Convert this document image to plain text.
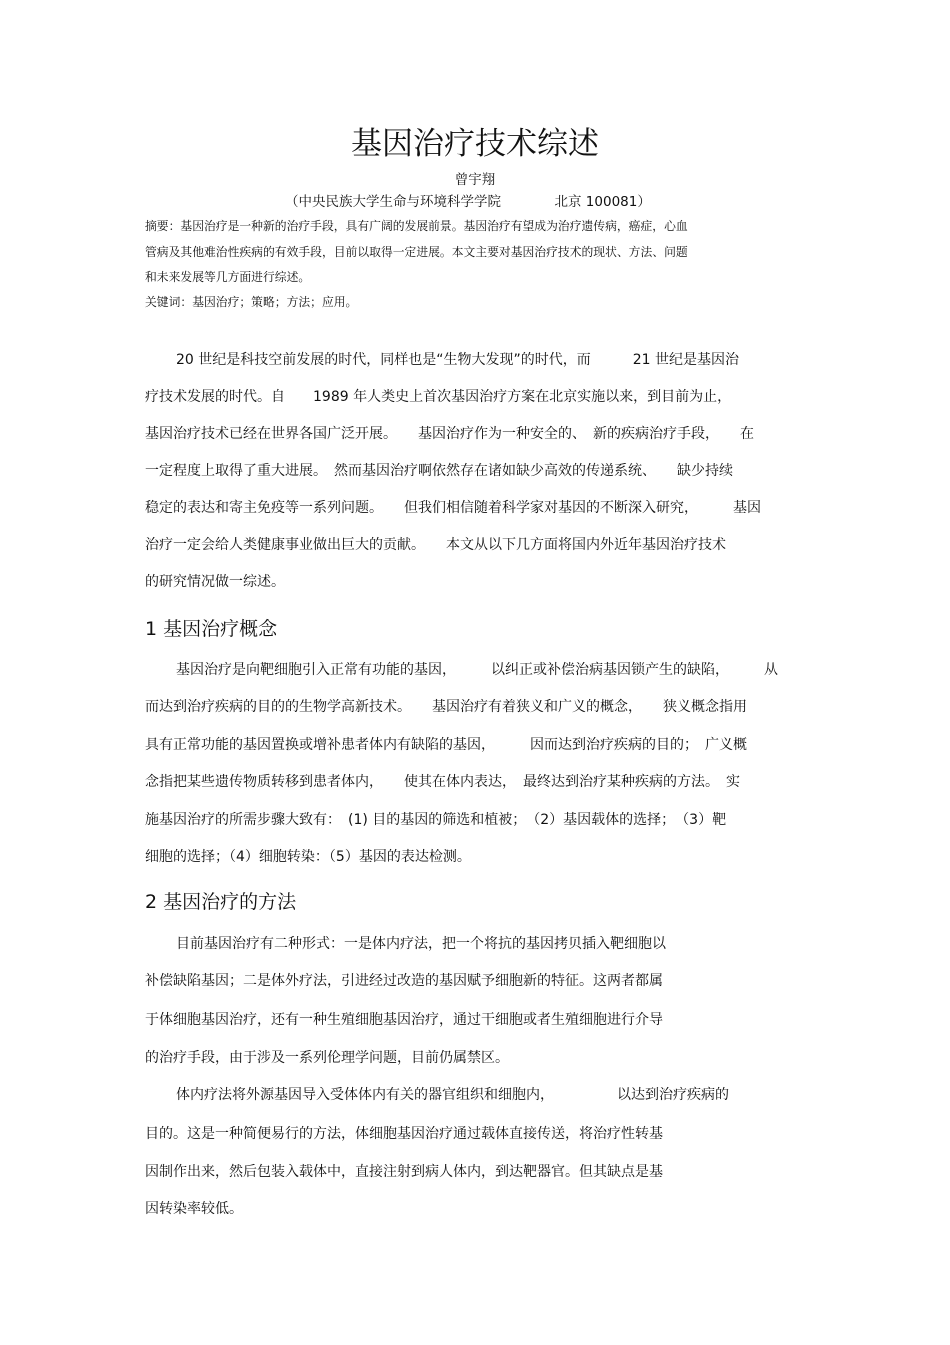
基因治疗技术综述
曾宇翔
（中央民族大学生命与环境科学学院	北京 100081）
摘要：基因治疗是一种新的治疗手段，具有广阔的发展前景。基因治疗有望成为治疗遗传病，癌症，心血
管病及其他难治性疾病的有效手段，目前以取得一定进展。本文主要对基因治疗技术的现状、方法、问题
和未来发展等几方面进行综述。
关键词：基因治疗；策略；方法；应用。
20 世纪是科技空前发展的时代，同样也是“生物大发现”的时代，而　　　21 世纪是基因治
疗技术发展的时代。自　　1989 年人类史上首次基因治疗方案在北京实施以来，到目前为止，
基因治疗技术已经在世界各国广泛开展。　　基因治疗作为一种安全的、　新的疾病治疗手段，　　在
一定程度上取得了重大进展。　然而基因治疗啊依然存在诸如缺少高效的传递系统、　　缺少持续
稳定的表达和寄主免疫等一系列问题。　　但我们相信随着科学家对基因的不断深入研究，　　　基因
治疗一定会给人类健康事业做出巨大的贡献。　　本文从以下几方面将国内外近年基因治疗技术
的研究情况做一综述。
1 基因治疗概念
基因治疗是向靶细胞引入正常有功能的基因，　　　以纠正或补偿治病基因锁产生的缺陷，　　　从
而达到治疗疾病的目的的生物学高新技术。　　基因治疗有着狭义和广义的概念，　　狭义概念指用
具有正常功能的基因置换或增补患者体内有缺陷的基因，　　　因而达到治疗疾病的目的；　广义概
念指把某些遗传物质转移到患者体内，　　使其在体内表达，　最终达到治疗某种疾病的方法。　实
施基因治疗的所需步骤大致有：　(1) 目的基因的筛选和植被；　（2）基因载体的选择；　（3）靶
细胞的选择；（4）细胞转染：（5）基因的表达检测。
2 基因治疗的方法
目前基因治疗有二种形式：一是体内疗法，把一个将抗的基因拷贝插入靶细胞以
补偿缺陷基因；二是体外疗法，引进经过改造的基因赋予细胞新的特征。这两者都属
于体细胞基因治疗，还有一种生殖细胞基因治疗，通过干细胞或者生殖细胞进行介导
的治疗手段，由于涉及一系列伦理学问题，目前仍属禁区。
体内疗法将外源基因导入受体体内有关的器官组织和细胞内，　　　　　以达到治疗疾病的
目的。这是一种简便易行的方法，体细胞基因治疗通过载体直接传送，将治疗性转基
因制作出来，然后包装入载体中，直接注射到病人体内，到达靶器官。但其缺点是基
因转染率较低。
